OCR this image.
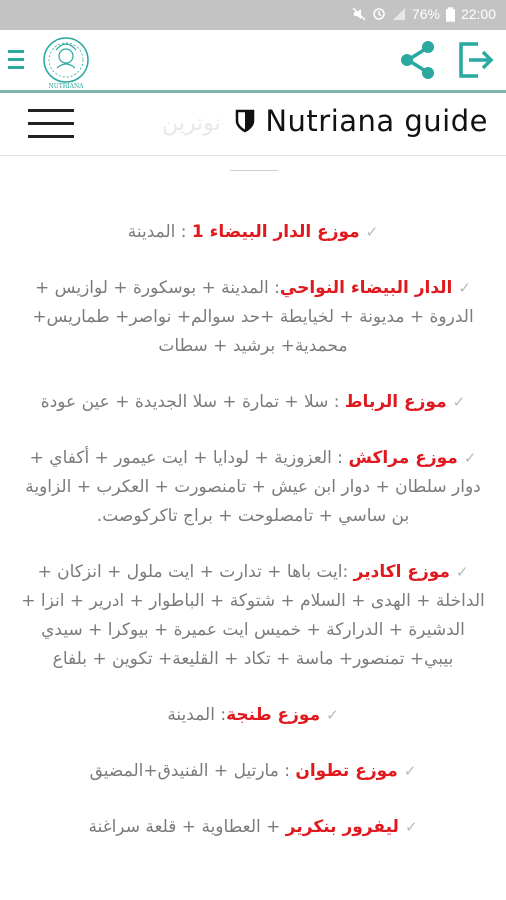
76% 22:00
NUTRIANA
نوترين Nutriana guide
✓موزع الدار البيضاء 1 : المدينة
✓الدار البيضاء النواحي: المدينة + بوسكورة + لوازيس + الدروة + مديونة + لخيايطة +حد سوالم+ نواصر+ طماريس+ محمدية+ برشيد + سطات
✓موزع الرباط : سلا + تمارة + سلا الجديدة + عين عودة
✓موزع مراكش : العزوزية + لودايا + ايت عيمور + أكفاي + دوار سلطان + دوار ابن عيش + تامنصورت + العكرب + الزاوية بن ساسي + تامصلوحت + براج تاكركوصت.
✓موزع اكادير :ايت باها + تدارت + ايت ملول + انزكان + الداخلة + الهدى + السلام + شتوكة + الباطوار + ادرير + انزا + الدشيرة + الدراركة + خميس ايت عميرة + بيوكرا + سيدي بيبي+ تمنصور+ ماسة + تكاد + القليعة+ تكوين + بلفاع
✓موزع طنجة: المدينة
✓موزع تطوان : مارتيل + الفنيدق+المضيق
✓ليفرور بنكرير + العطاوية + قلعة سراغنة
